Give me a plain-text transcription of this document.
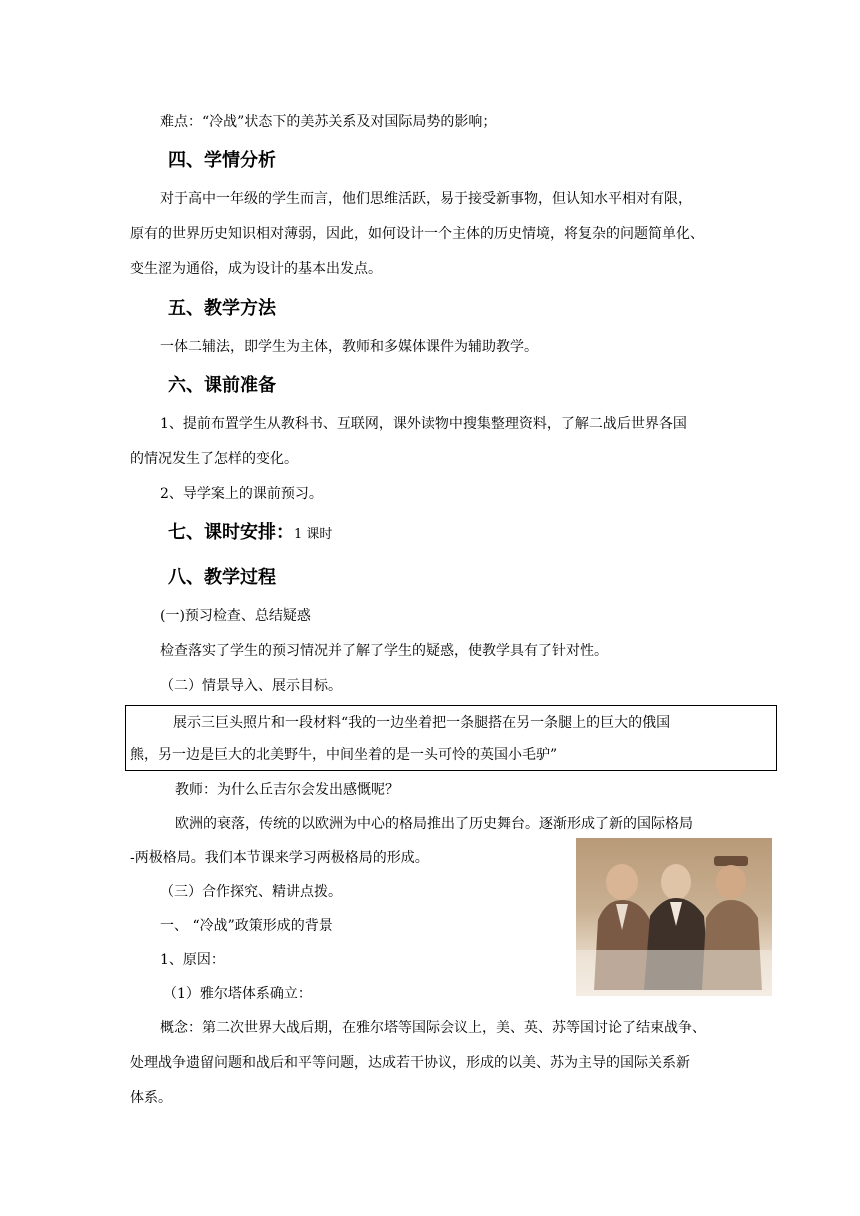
难点：“冷战”状态下的美苏关系及对国际局势的影响；
四、学情分析
对于高中一年级的学生而言，他们思维活跃，易于接受新事物，但认知水平相对有限，
原有的世界历史知识相对薄弱，因此，如何设计一个主体的历史情境，将复杂的问题简单化、
变生涩为通俗，成为设计的基本出发点。
五、教学方法
一体二辅法，即学生为主体，教师和多媒体课件为辅助教学。
六、课前准备
1、提前布置学生从教科书、互联网，课外读物中搜集整理资料，了解二战后世界各国
的情况发生了怎样的变化。
2、导学案上的课前预习。
七、课时安排：1 课时
八、教学过程
(一)预习检查、总结疑惑
检查落实了学生的预习情况并了解了学生的疑惑，使教学具有了针对性。
（二）情景导入、展示目标。
展示三巨头照片和一段材料“我的一边坐着把一条腿搭在另一条腿上的巨大的俄国
熊，另一边是巨大的北美野牛，中间坐着的是一头可怜的英国小毛驴”
教师：为什么丘吉尔会发出感慨呢？
欧洲的衰落，传统的以欧洲为中心的格局推出了历史舞台。逐渐形成了新的国际格局
-两极格局。我们本节课来学习两极格局的形成。
（三）合作探究、精讲点拨。
一、 “冷战”政策形成的背景
1、原因：
（1）雅尔塔体系确立：
概念：第二次世界大战后期，在雅尔塔等国际会议上，美、英、苏等国讨论了结束战争、
处理战争遗留问题和战后和平等问题，达成若干协议，形成的以美、苏为主导的国际关系新
体系。
